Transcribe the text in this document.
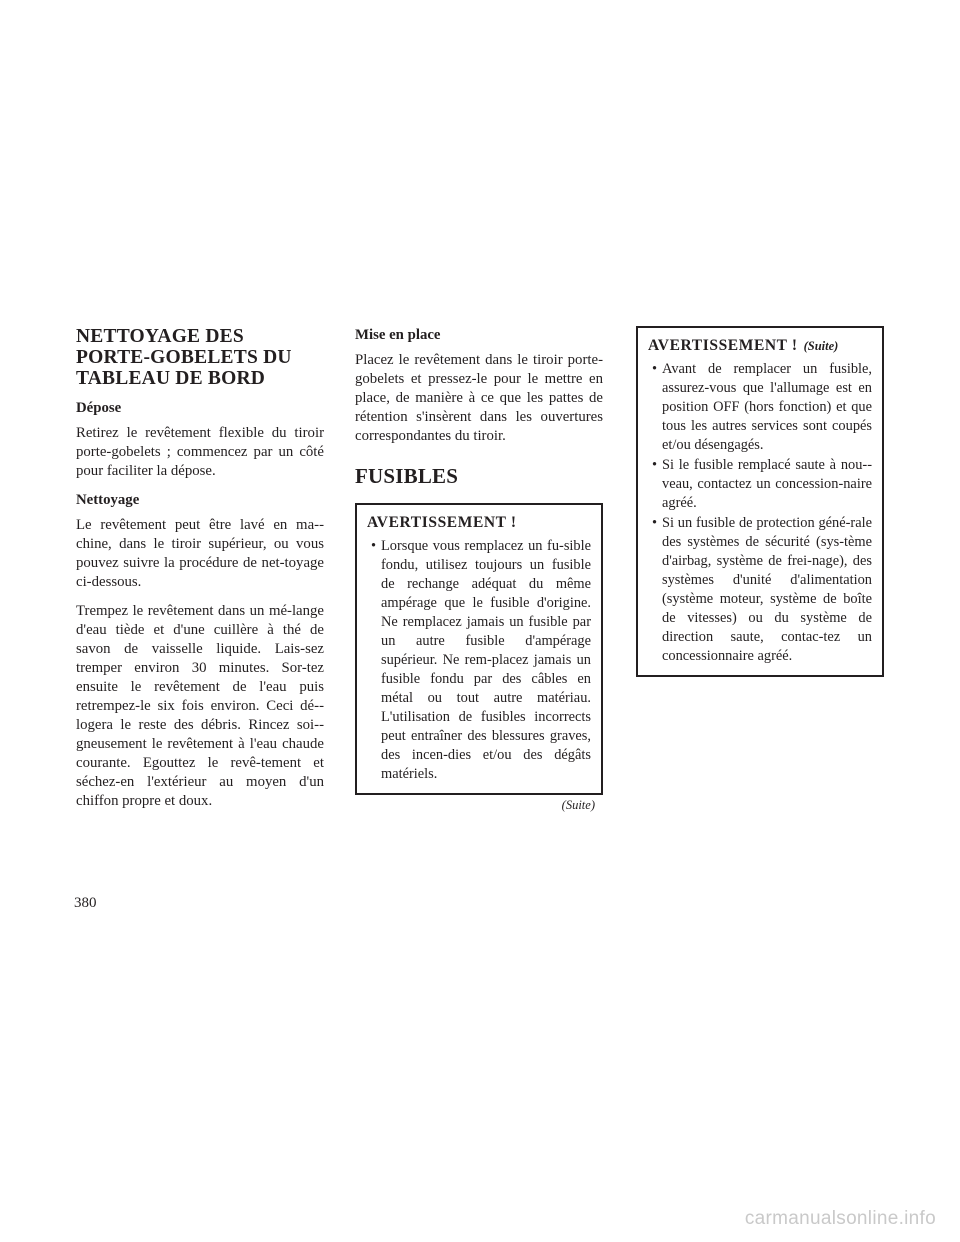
NETTOYAGE DES
PORTE-GOBELETS DU
TABLEAU DE BORD
Dépose
Retirez le revêtement flexible du tiroir porte-gobelets ; commencez par un côté pour faciliter la dépose.
Nettoyage
Le revêtement peut être lavé en ma-chine, dans le tiroir supérieur, ou vous pouvez suivre la procédure de net-toyage ci-dessous.
Trempez le revêtement dans un mé-lange d'eau tiède et d'une cuillère à thé de savon de vaisselle liquide. Lais-sez tremper environ 30 minutes. Sor-tez ensuite le revêtement de l'eau puis retrempez-le six fois environ. Ceci dé-logera le reste des débris. Rincez soi-gneusement le revêtement à l'eau chaude courante. Egouttez le revê-tement et séchez-en l'extérieur au moyen d'un chiffon propre et doux.
Mise en place
Placez le revêtement dans le tiroir porte-gobelets et pressez-le pour le mettre en place, de manière à ce que les pattes de rétention s'insèrent dans les ouvertures correspondantes du tiroir.
FUSIBLES
AVERTISSEMENT !
• Lorsque vous remplacez un fu-sible fondu, utilisez toujours un fusible de rechange adéquat du même ampérage que le fusible d'origine. Ne remplacez jamais un fusible par un autre fusible d'ampérage supérieur. Ne rem-placez jamais un fusible fondu par des câbles en métal ou tout autre matériau. L'utilisation de fusibles incorrects peut entraîner des blessures graves, des incen-dies et/ou des dégâts matériels.
(Suite)
AVERTISSEMENT ! (Suite)
• Avant de remplacer un fusible, assurez-vous que l'allumage est en position OFF (hors fonction) et que tous les autres services sont coupés et/ou désengagés.
• Si le fusible remplacé saute à nou-veau, contactez un concession-naire agréé.
• Si un fusible de protection géné-rale des systèmes de sécurité (sys-tème d'airbag, système de frei-nage), des systèmes d'unité d'alimentation (système moteur, système de boîte de vitesses) ou du système de direction saute, contac-tez un concessionnaire agréé.
380
carmanualsonline.info
